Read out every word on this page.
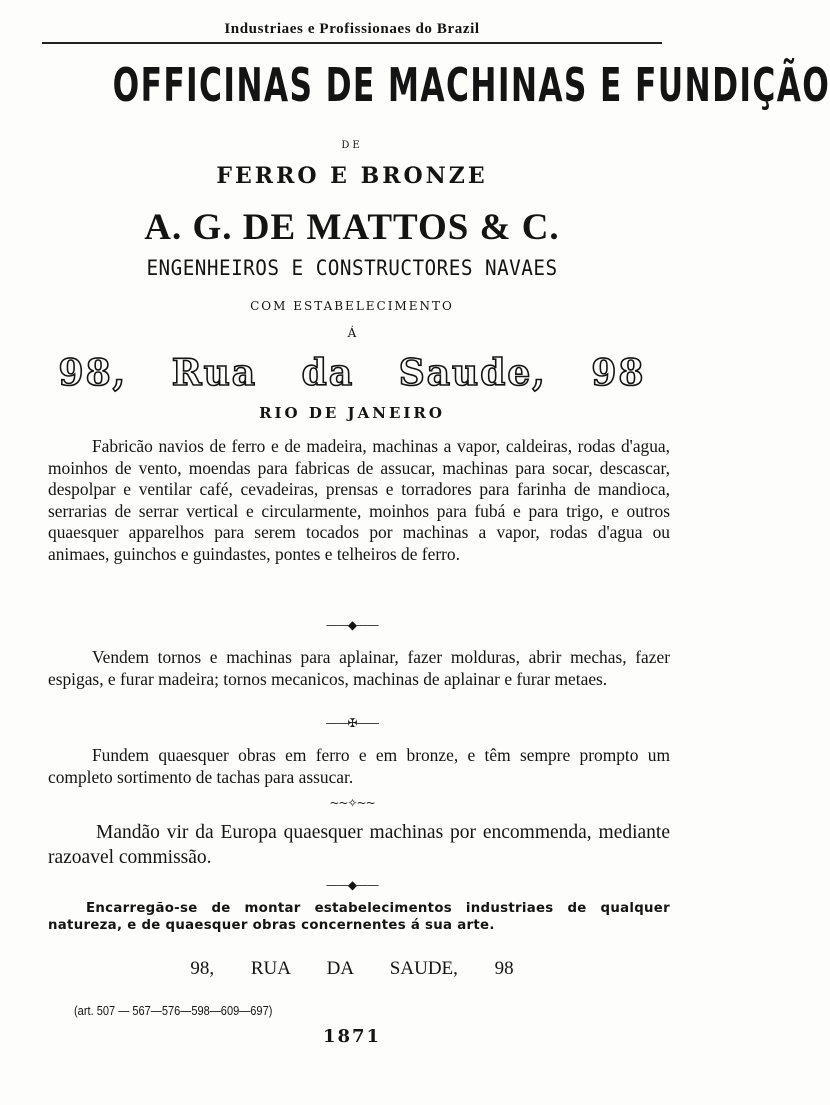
Industriaes e Profissionaes do Brazil
OFFICINAS DE MACHINAS E FUNDIÇÃO
DE
FERRO E BRONZE
A. G. DE MATTOS & C.
ENGENHEIROS E CONSTRUCTORES NAVAES
COM ESTABELECIMENTO
Á
98, Rua da Saude, 98
RIO DE JANEIRO

Fabricão navios de ferro e de madeira, machinas a vapor, caldeiras, rodas d'agua, moinhos de vento, moendas para fabricas de assucar, machinas para socar, descascar, despolpar e ventilar café, cevadeiras, prensas e torradores para farinha de mandioca, serrarias de serrar vertical e circularmente, moinhos para fubá e para trigo, e outros quaesquer apparelhos para serem tocados por machinas a vapor, rodas d'agua ou animaes, guinchos e guindastes, pontes e telheiros de ferro.

——◆——

Vendem tornos e machinas para aplainar, fazer molduras, abrir mechas, fazer espigas, e furar madeira; tornos mecanicos, machinas de aplainar e furar metaes.

——✠——

Fundem quaesquer obras em ferro e em bronze, e têm sempre prompto um completo sortimento de tachas para assucar.

~~✧~~

Mandão vir da Europa quaesquer machinas por encommenda, mediante razoavel commissão.

——◆——

Encarregão-se de montar estabelecimentos industriaes de qualquer natureza, e de quaesquer obras concernentes á sua arte.

98, RUA DA SAUDE, 98
(art. 507 — 567—576—598—609—697)
1871
